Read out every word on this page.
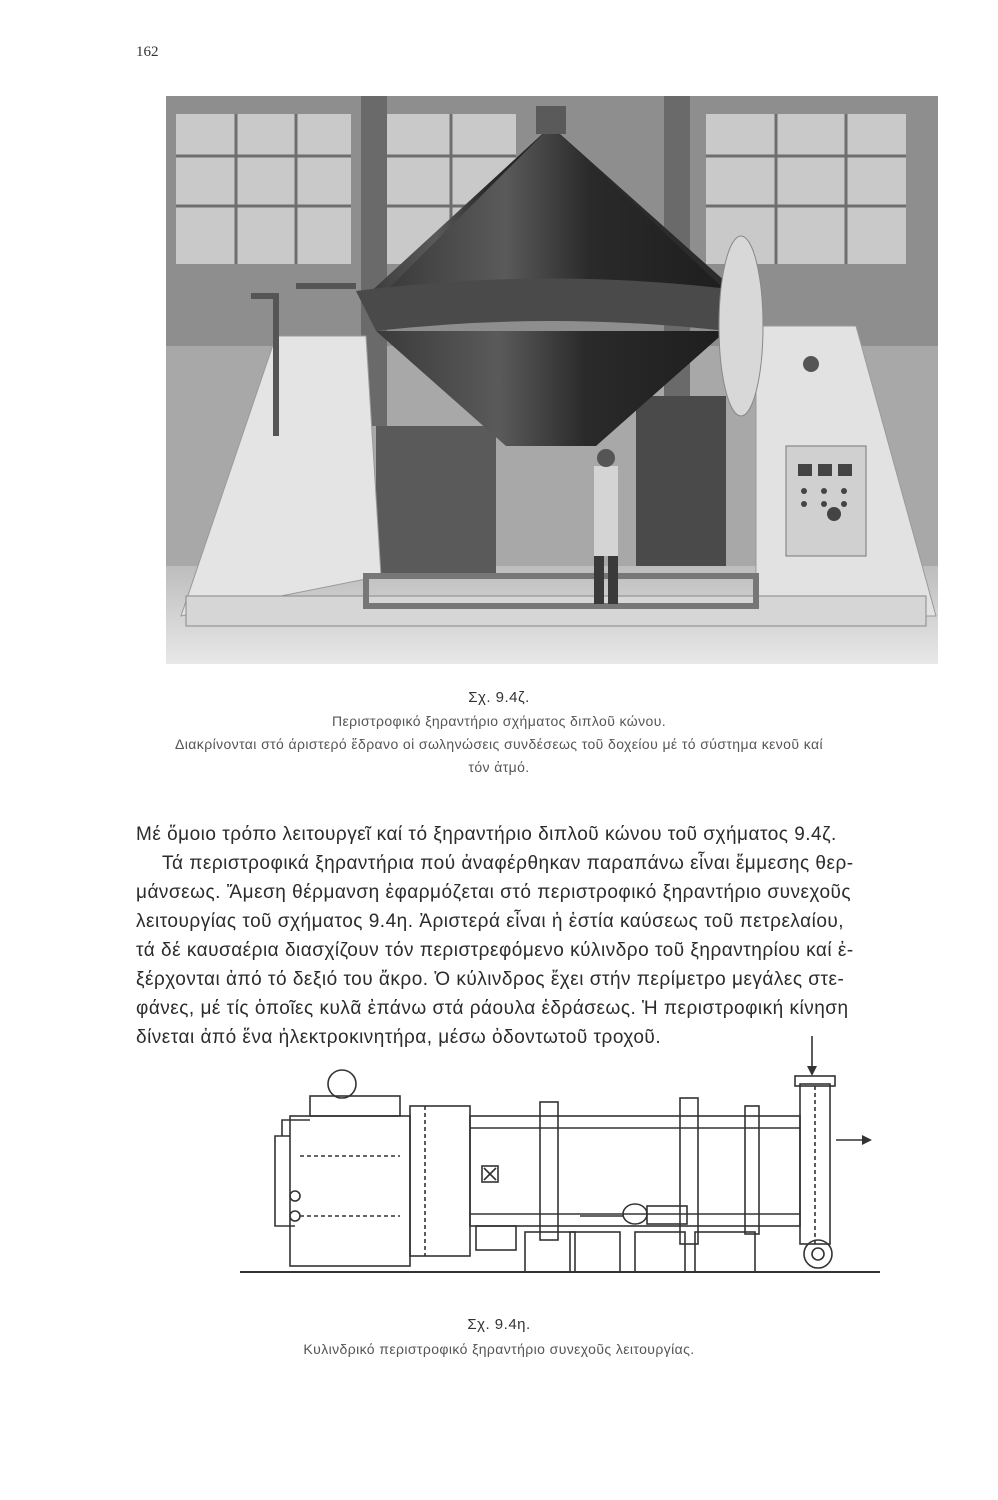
162
Σχ. 9.4ζ.
Περιστροφικό ξηραντήριο σχήματος διπλοῦ κώνου.
Διακρίνονται στό άριστερό ἕδρανο οἱ σωληνώσεις συνδέσεως τοῦ δοχείου μέ τό σύστημα κενοῦ καί
τόν ἀτμό.

Μέ ὅμοιο τρόπο λειτουργεῖ καί τό ξηραντήριο διπλοῦ κώνου τοῦ σχήματος 9.4ζ.

Τά περιστροφικά ξηραντήρια πού ἀναφέρθηκαν παραπάνω εἶναι ἔμμεσης θερ-

μάνσεως. Ἄμεση θέρμανση ἐφαρμόζεται στό περιστροφικό ξηραντήριο συνεχοῦς

λειτουργίας τοῦ σχήματος 9.4η. Ἀριστερά εἶναι ἡ ἑστία καύσεως τοῦ πετρελαίου,

τά δέ καυσαέρια διασχίζουν τόν περιστρεφόμενο κύλινδρο τοῦ ξηραντηρίου καί ἐ-

ξέρχονται ἀπό τό δεξιό του ἄκρο. Ὁ κύλινδρος ἔχει στήν περίμετρο μεγάλες στε-

φάνες, μέ τίς ὁποῖες κυλᾶ ἐπάνω στά ράουλα ἑδράσεως. Ἡ περιστροφική κίνηση

δίνεται ἀπό ἕνα ἠλεκτροκινητήρα, μέσω ὀδοντωτοῦ τροχοῦ.

Σχ. 9.4η.
Κυλινδρικό περιστροφικό ξηραντήριο συνεχοῦς λειτουργίας.
